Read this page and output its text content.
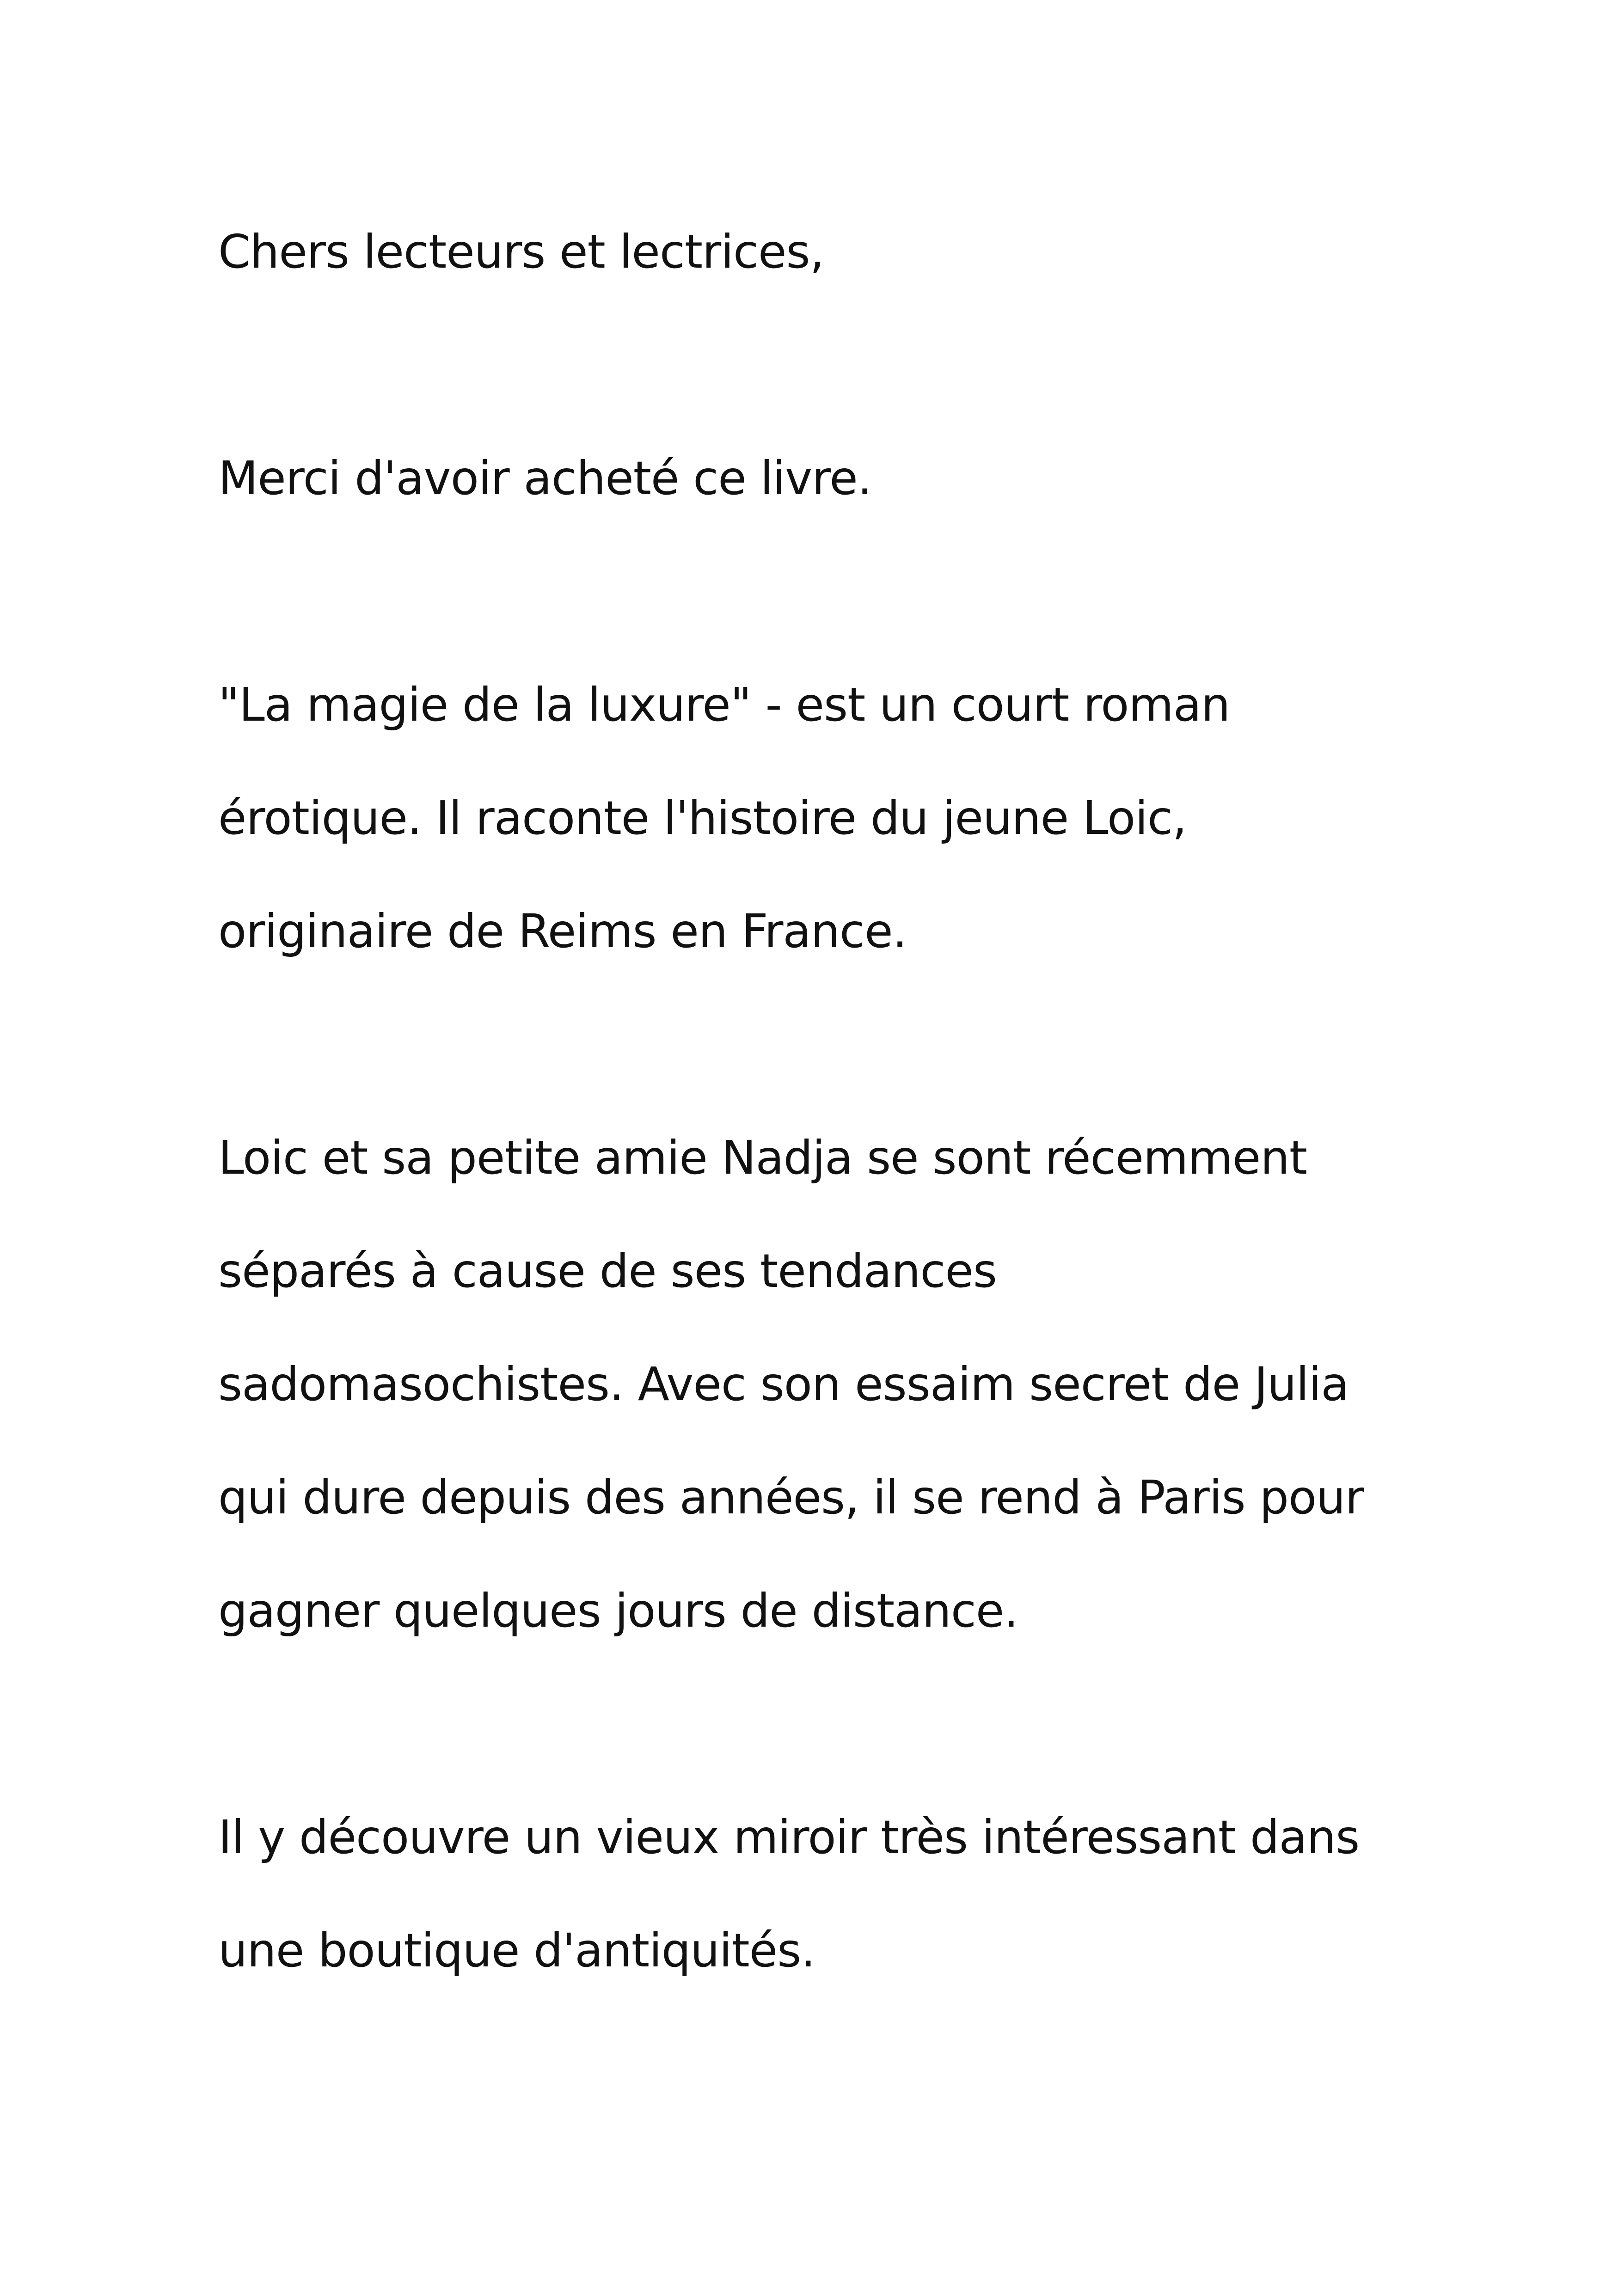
Chers lecteurs et lectrices,

Merci d'avoir acheté ce livre.

"La magie de la luxure" - est un court roman

érotique. Il raconte l'histoire du jeune Loic,

originaire de Reims en France.

Loic et sa petite amie Nadja se sont récemment

séparés à cause de ses tendances

sadomasochistes. Avec son essaim secret de Julia

qui dure depuis des années, il se rend à Paris pour

gagner quelques jours de distance.

Il y découvre un vieux miroir très intéressant dans

une boutique d'antiquités.
